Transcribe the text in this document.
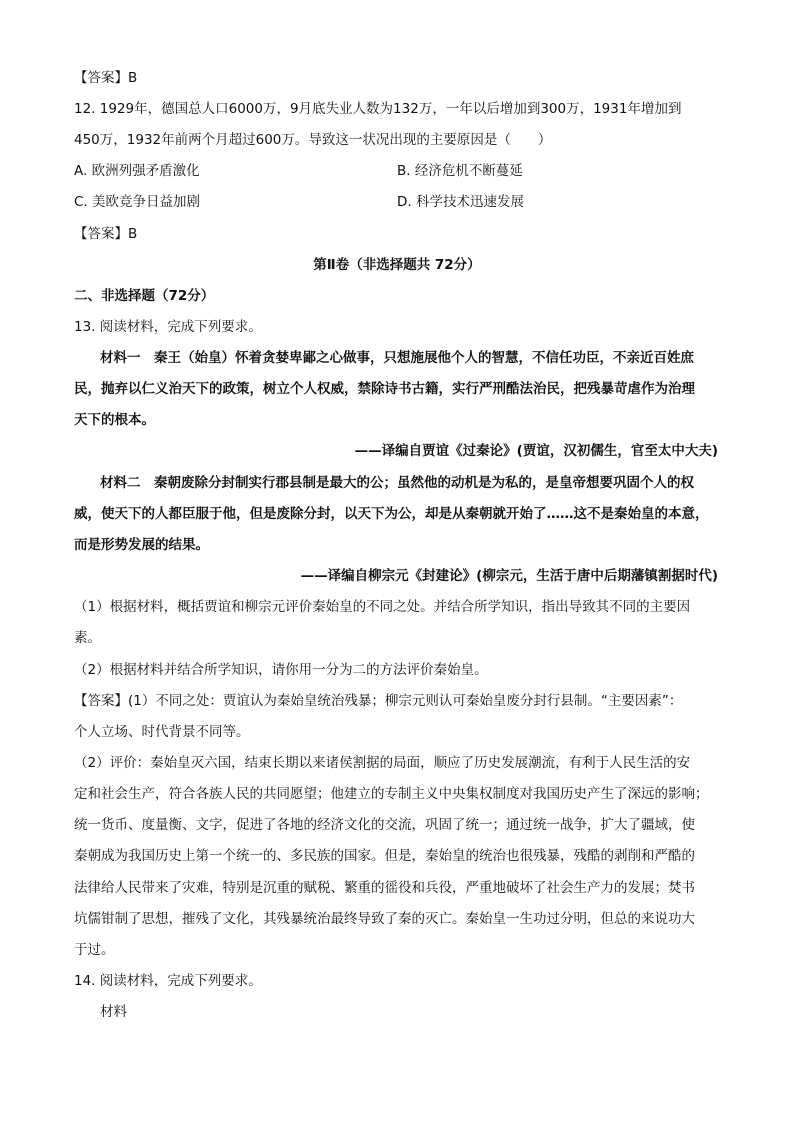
【答案】B
12. 1929年，德国总人口6000万，9月底失业人数为132万，一年以后增加到300万，1931年增加到
450万，1932年前两个月超过600万。导致这一状况出现的主要原因是（　　）
A. 欧洲列强矛盾激化	B. 经济危机不断蔓延
C. 美欧竞争日益加剧	D. 科学技术迅速发展
【答案】B
第Ⅱ卷（非选择题共 72分）
二、非选择题（72分）
13. 阅读材料，完成下列要求。
材料一　秦王（始皇）怀着贪婪卑鄙之心做事，只想施展他个人的智慧，不信任功臣，不亲近百姓庶
民，抛弃以仁义治天下的政策，树立个人权威，禁除诗书古籍，实行严刑酷法治民，把残暴苛虐作为治理
天下的根本。
——译编自贾谊《过秦论》(贾谊，汉初儒生，官至太中大夫)
材料二　秦朝废除分封制实行郡县制是最大的公；虽然他的动机是为私的，是皇帝想要巩固个人的权
威，使天下的人都臣服于他，但是废除分封，以天下为公，却是从秦朝就开始了……这不是秦始皇的本意，
而是形势发展的结果。
——译编自柳宗元《封建论》(柳宗元，生活于唐中后期藩镇割据时代)
（1）根据材料，概括贾谊和柳宗元评价秦始皇的不同之处。并结合所学知识，指出导致其不同的主要因
素。
（2）根据材料并结合所学知识，请你用一分为二的方法评价秦始皇。
【答案】(1）不同之处：贾谊认为秦始皇统治残暴；柳宗元则认可秦始皇废分封行县制。“主要因素”：
个人立场、时代背景不同等。
（2）评价：秦始皇灭六国，结束长期以来诸侯割据的局面，顺应了历史发展潮流，有利于人民生活的安
定和社会生产，符合各族人民的共同愿望；他建立的专制主义中央集权制度对我国历史产生了深远的影响；
统一货币、度量衡、文字，促进了各地的经济文化的交流，巩固了统一；通过统一战争，扩大了疆域，使
秦朝成为我国历史上第一个统一的、多民族的国家。但是，秦始皇的统治也很残暴，残酷的剥削和严酷的
法律给人民带来了灾难，特别是沉重的赋税、繁重的徭役和兵役，严重地破坏了社会生产力的发展；焚书
坑儒钳制了思想，摧残了文化，其残暴统治最终导致了秦的灭亡。秦始皇一生功过分明，但总的来说功大
于过。
14. 阅读材料，完成下列要求。
材料
